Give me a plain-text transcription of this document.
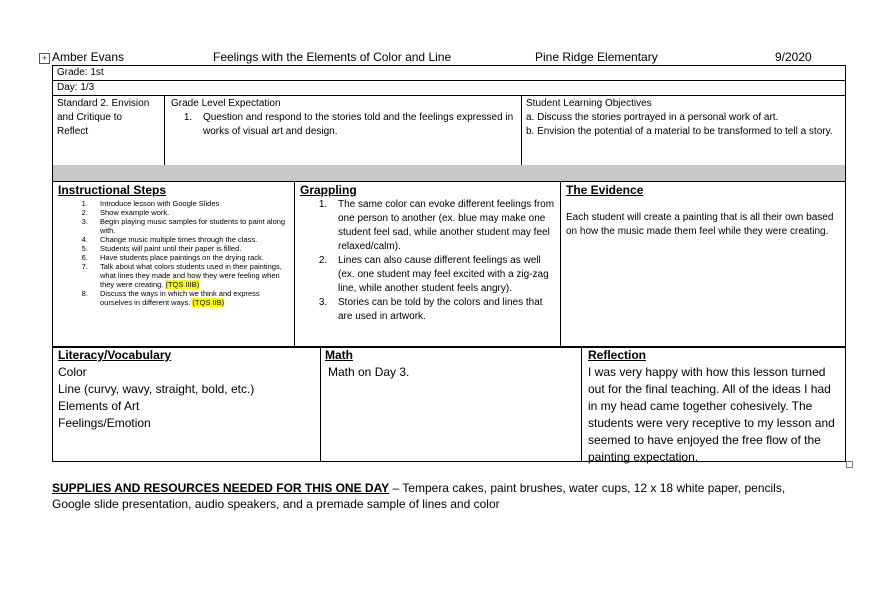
+ Amber Evans	Feelings with the Elements of Color and Line	Pine Ridge Elementary	9/2020
Grade: 1st
Day: 1/3
Standard 2. Envision
and Critique to
Reflect
Grade Level Expectation
1. Question and respond to the stories told and the feelings expressed in works of visual art and design.
Student Learning Objectives
a. Discuss the stories portrayed in a personal work of art.
b. Envision the potential of a material to be transformed to tell a story.
Instructional Steps
1. Introduce lesson with Google Slides
2. Show example work.
3. Begin playing music samples for students to paint along with.
4. Change music multiple times through the class.
5. Students will paint until their paper is filled.
6. Have students place paintings on the drying rack.
7. Talk about what colors students used in their paintings, what lines they made and how they were feeling when they were creating. (TQS IIIB)
8. Discuss the ways in which we think and express ourselves in different ways. (TQS IIB)
Grappling
1. The same color can evoke different feelings from one person to another (ex. blue may make one student feel sad, while another student may feel relaxed/calm).
2. Lines can also cause different feelings as well (ex. one student may feel excited with a zig-zag line, while another student feels angry).
3. Stories can be told by the colors and lines that are used in artwork.
The Evidence
Each student will create a painting that is all their own based on how the music made them feel while they were creating.
Literacy/Vocabulary
Color
Line (curvy, wavy, straight, bold, etc.)
Elements of Art
Feelings/Emotion
Math
Math on Day 3.
Reflection
I was very happy with how this lesson turned out for the final teaching. All of the ideas I had in my head came together cohesively. The students were very receptive to my lesson and seemed to have enjoyed the free flow of the painting expectation.
SUPPLIES AND RESOURCES NEEDED FOR THIS ONE DAY – Tempera cakes, paint brushes, water cups, 12 x 18 white paper, pencils, Google slide presentation, audio speakers, and a premade sample of lines and color
